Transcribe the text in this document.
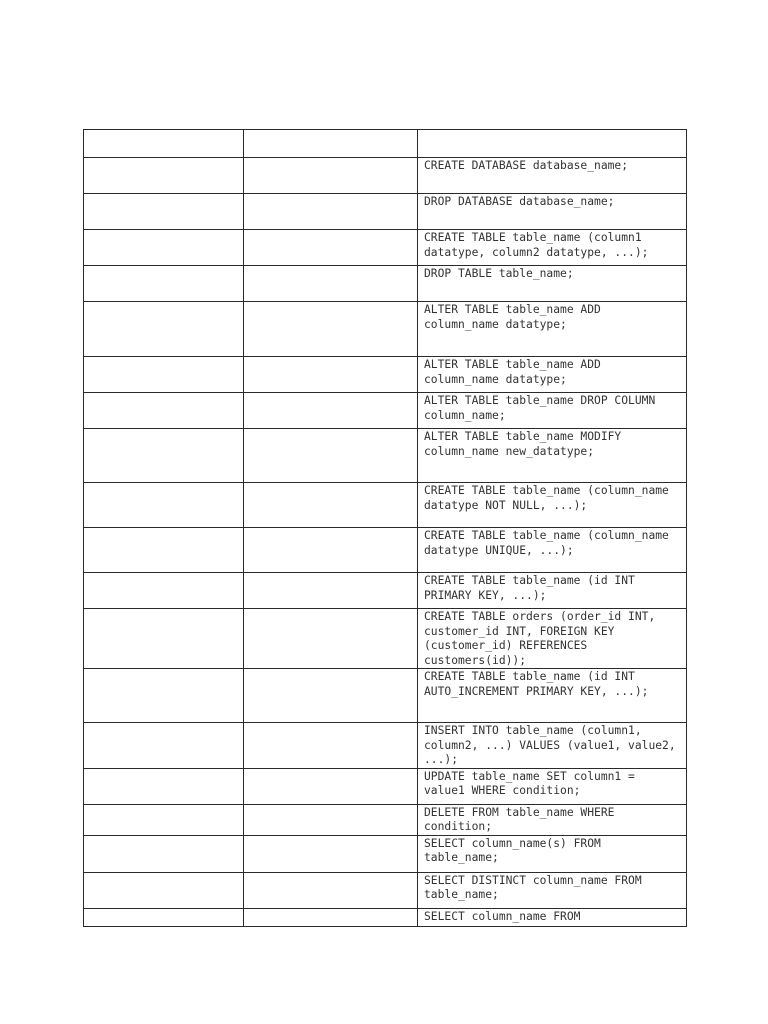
		CREATE DATABASE database_name;

		DROP DATABASE database_name;

		CREATE TABLE table_name (column1 datatype, column2 datatype, ...);

		DROP TABLE table_name;

		ALTER TABLE table_name ADD column_name datatype;

		ALTER TABLE table_name ADD column_name datatype;

		ALTER TABLE table_name DROP COLUMN column_name;

		ALTER TABLE table_name MODIFY column_name new_datatype;

		CREATE TABLE table_name (column_name datatype NOT NULL, ...);

		CREATE TABLE table_name (column_name datatype UNIQUE, ...);

		CREATE TABLE table_name (id INT PRIMARY KEY, ...);

		CREATE TABLE orders (order_id INT, customer_id INT, FOREIGN KEY (customer_id) REFERENCES customers(id));

		CREATE TABLE table_name (id INT AUTO_INCREMENT PRIMARY KEY, ...);

		INSERT INTO table_name (column1, column2, ...) VALUES (value1, value2, ...);

		UPDATE table_name SET column1 = value1 WHERE condition;

		DELETE FROM table_name WHERE condition;

		SELECT column_name(s) FROM table_name;

		SELECT DISTINCT column_name FROM table_name;

		SELECT column_name FROM
